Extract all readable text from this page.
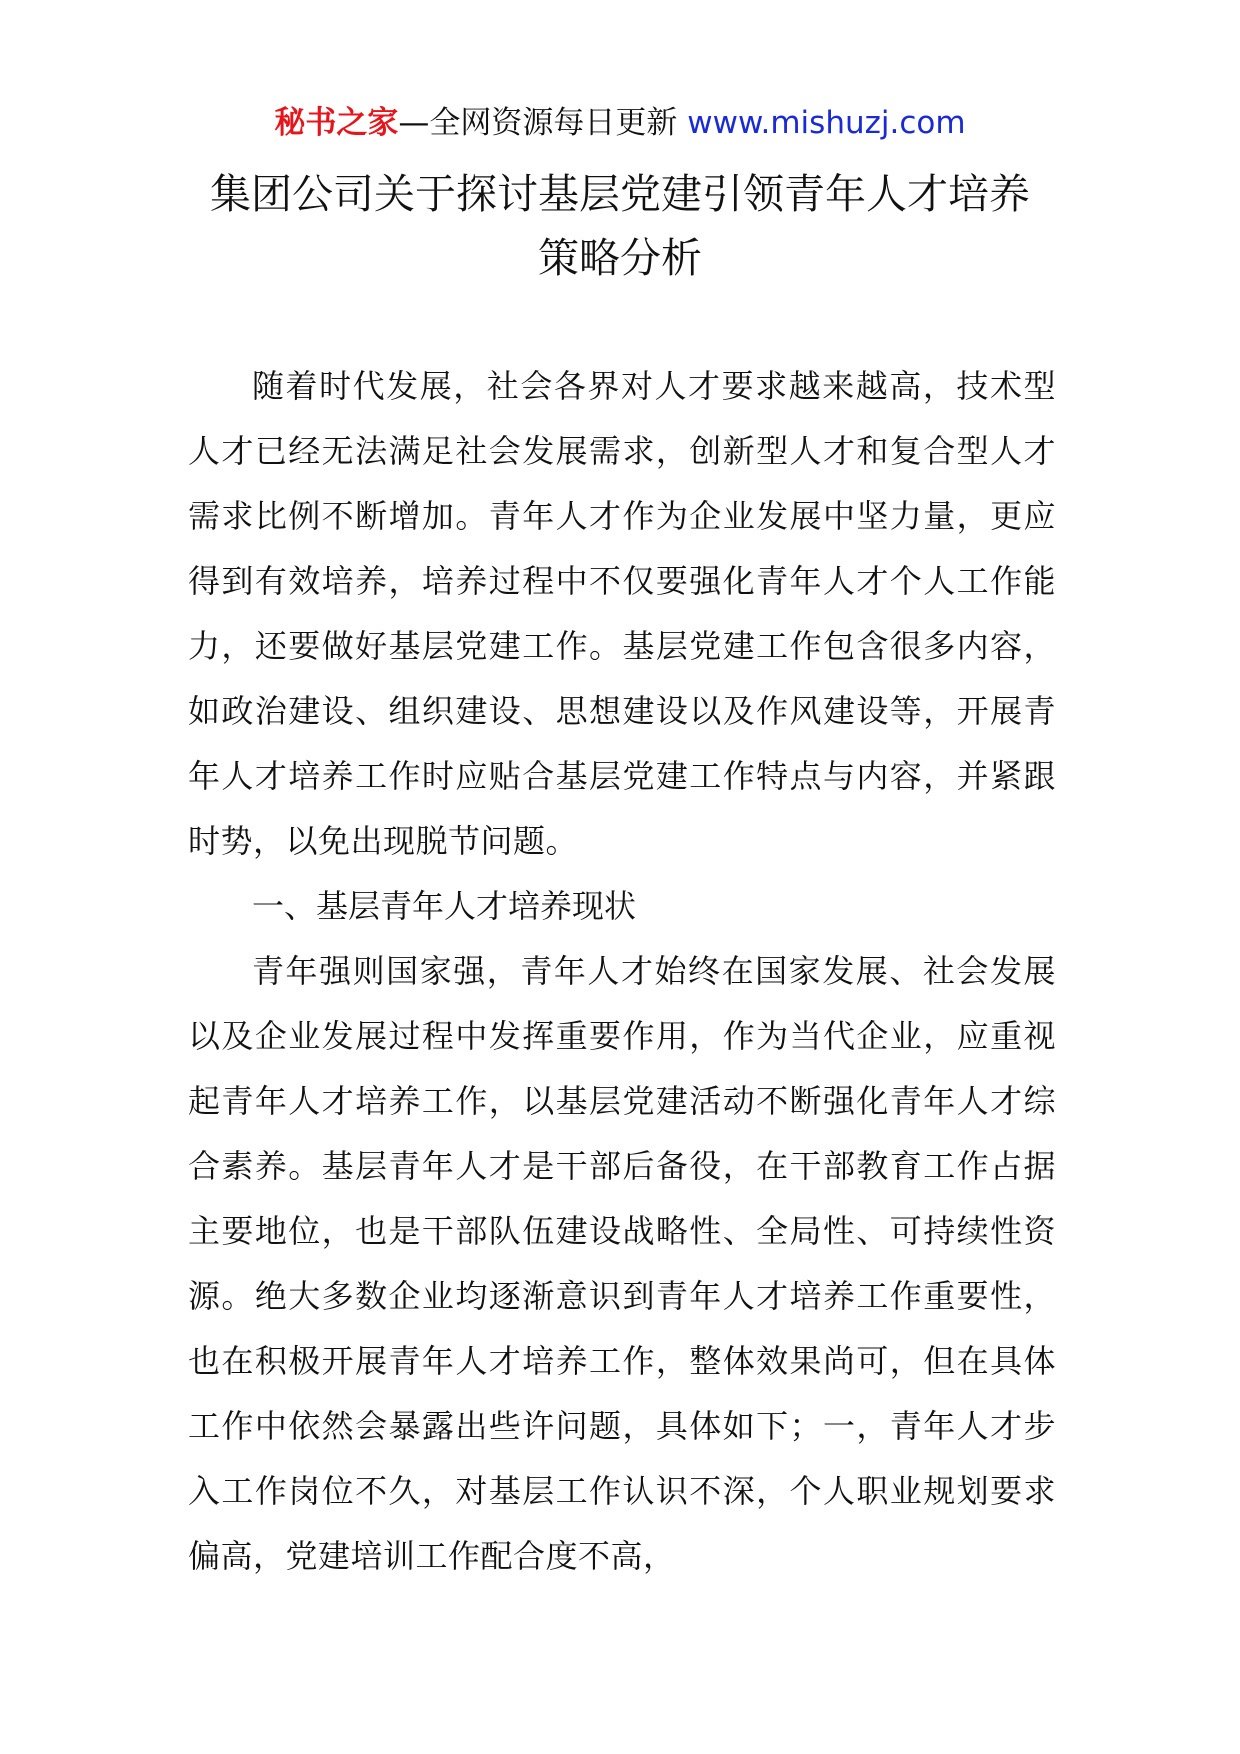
秘书之家—全网资源每日更新 www.mishuzj.com
集团公司关于探讨基层党建引领青年人才培养
策略分析

随着时代发展，社会各界对人才要求越来越高，技术型人才已经无法满足社会发展需求，创新型人才和复合型人才需求比例不断增加。青年人才作为企业发展中坚力量，更应得到有效培养，培养过程中不仅要强化青年人才个人工作能力，还要做好基层党建工作。基层党建工作包含很多内容，如政治建设、组织建设、思想建设以及作风建设等，开展青年人才培养工作时应贴合基层党建工作特点与内容，并紧跟时势，以免出现脱节问题。

一、基层青年人才培养现状

青年强则国家强，青年人才始终在国家发展、社会发展以及企业发展过程中发挥重要作用，作为当代企业，应重视起青年人才培养工作，以基层党建活动不断强化青年人才综合素养。基层青年人才是干部后备役，在干部教育工作占据主要地位，也是干部队伍建设战略性、全局性、可持续性资源。绝大多数企业均逐渐意识到青年人才培养工作重要性，也在积极开展青年人才培养工作，整体效果尚可，但在具体工作中依然会暴露出些许问题，具体如下；一，青年人才步入工作岗位不久，对基层工作认识不深，个人职业规划要求偏高，党建培训工作配合度不高，
